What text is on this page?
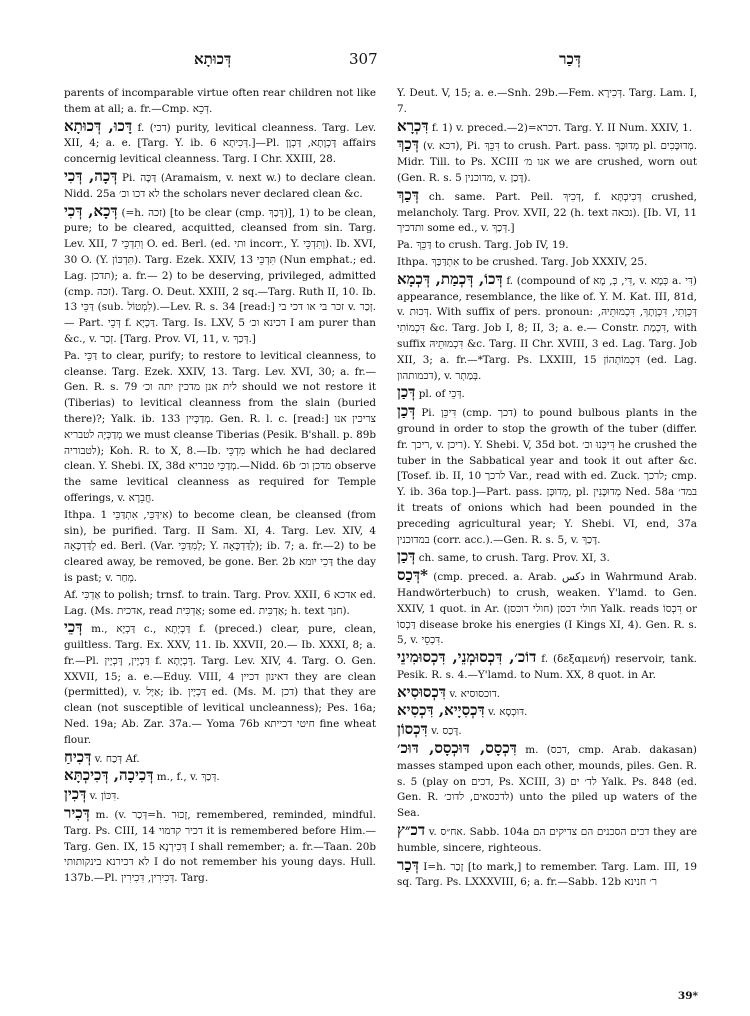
דְּכוּתָא	307	דְּכַר

parents of incomparable virtue often rear children not like them at all; a. fr.—Cmp. דְּכֵא.

דָּכוּ, דְּכוּתָא f. (דכי) purity, levitical cleanness. Targ. Lev. XII, 4; a. e. [Targ. Y. ib. 6 דְּכִיתָא.]—Pl. דָּכְוָתָא, דַּכְוָן affairs concernig levitical cleanness. Targ. I Chr. XXIII, 28.

דְּכָה, דְּכִי Pi. דַּכָּה (Aramaism, v. next w.) to declare clean. Nidd. 25a לא דכו וכ׳ the scholars never declared clean &c.

דְּכָא, דְּכִי (=h. זכה) [to be clear (cmp. דָּכַךְ)], 1) to be clean, pure; to be cleared, acquitted, cleansed from sin. Targ. Lev. XII, 7 וְתִדְכֵּי O. ed. Berl. (ed. ותי incorr., Y. וְתִדְכֵּי). Ib. XVI, 30 O. (Y. תִּדְכּוֹן). Targ. Ezek. XXIV, 13 תִּדְכֵּי (Nun emphat.; ed. Lag. תדכן); a. fr.— 2) to be deserving, privileged, admitted (cmp. זכה). Targ. O. Deut. XXIII, 2 sq.—Targ. Ruth II, 10. Ib. 13 דַּכֵּי (sub. לִמְטוֹל).—Lev. R. s. 34 [read:] זכר בי או דכי בי v. זְכַר. — Part. דְּכֵי f. דַּכְיָא. Targ. Is. LXV, 5 דכינא וכ׳ I am purer than &c., v. זְכַר. [Targ. Prov. VI, 11, v. דְּכַךְ.]

Pa. דַּכֵּי to clear, purify; to restore to levitical cleanness, to cleanse. Targ. Ezek. XXIV, 13. Targ. Lev. XVI, 30; a. fr.—Gen. R. s. 79 לית אנן מדכין יתה וכ׳ should we not restore it (Tiberias) to levitical cleanness from the slain (buried there)?; Yalk. ib. 133 מְדַכְּיִין. Gen. R. l. c. [read:] צריכין אנו מְדַכְּיָה לטבריא we must cleanse Tiberias (Pesik. B'shall. p. 89b לטבוריה); Koh. R. to X, 8.—Ib. מִדְכֵּי which he had declared clean. Y. Shebi. IX, 38d מְדַכֵּי טבריא.—Nidd. 6b מדכן וכ׳ observe the same levitical cleanness as required for Temple offerings, v. חֲבֵרָא.

Ithpa. אִידַּכֵּי, אִתְדַּכֵּי 1) to become clean, be cleansed (from sin), be purified. Targ. II Sam. XI, 4. Targ. Lev. XIV, 4 לְדַּדְכָּאָה ed. Berl. (Var. לְמִדַּכֵּי; Y. לְדַּדְכָּאָה); ib. 7; a. fr.—2) to be cleared away, be removed, be gone. Ber. 2b דַּכִי יומא the day is past; v. מְחַר.

Af. אַדְכִּי to polish; trnsf. to train. Targ. Prov. XXII, 6 אדכא ed. Lag. (Ms. אדכית, read אַדְכִּית; some ed. אַדְכִּית; h. text חנך).

דְּכֵי m., דַּכְיָא c., דַּכְיְתָא f. (preced.) clear, pure, clean, guiltless. Targ. Ex. XXV, 11. Ib. XXVII, 20.— Ib. XXXI, 8; a. fr.—Pl. דַּכְיָין, דָּכְיָין f. דָּכְיָתָא. Targ. Lev. XIV, 4. Targ. O. Gen. XXVII, 15; a. e.—Eduy. VIII, 4 דאינון דכיין they are clean (permitted), v. אַיָּל; ib. דַּכְיָין ed. (Ms. M. דכן) that they are clean (not susceptible of levitical uncleanness); Pes. 16a; Ned. 19a; Ab. Zar. 37a.— Yoma 76b חיטי דכייתא fine wheat flour.

דְּכִיחַ v. דְּכַח Af.

דְּכִיכָה, דְּכִיכְתָּא m., f., v. דְּכַךְ.

דְּכִין v. דִּכּוֹן.

דְּכִיר m. (v. דְּכַר=h. זָכוּר, remembered, reminded, mindful. Targ. Ps. CIII, 14 דכיר קדמוי it is remembered before Him.—Targ. Gen. IX, 15 דְּכִירְנָא I shall remember; a. fr.—Taan. 20b לא דכירנא בינקותותי I do not remember his young days. Hull. 137b.—Pl. דְּכִירִין, דִּכִירִין. Targ.

Y. Deut. V, 15; a. e.—Snh. 29b.—Fem. דְּכִירָא. Targ. Lam. I, 7.

דִּכְרָא f. 1) v. preced.—2)=דכרא. Targ. Y. II Num. XXIV, 1.

דְּכַךְ (v. דכא), Pi. דִּכֵּךְ to crush. Part. pass. מְדוּכָּךְ pl. מְדוּכָּכִים. Midr. Till. to Ps. XCIII אנו מ׳ we are crushed, worn out (Gen. R. s. 5 מדוכנין, v. דָּכַן).

דְּכַךְ ch. same. Part. Peil. דְּכִיךְ, f. דְּכִיכְתָּא crushed, melancholy. Targ. Prov. XVII, 22 (h. text נכאה). [Ib. VI, 11 ותדכיך some ed., v. דְּכַךְ.]

Pa. דַּכֵּךְ to crush. Targ. Job IV, 19.

Ithpa. אִתְדַּכַּךְ to be crushed. Targ. Job XXXIV, 25.

דְּכוֹ, דְּכְמַת, דְּכְמָא f. (compound of דִּי, כְּ, מָא, v. כְּמָא a. דִּי) appearance, resemblance, the like of. Y. M. Kat. III, 81d, v. דְּכוּת. With suffix of pers. pronoun: דְּכְוָתִי, דִּכְוָתָךְ, דִּכְמוּתֵיהּ, דִּכְמוֹתִי &c. Targ. Job I, 8; II, 3; a. e.— Constr. דִּכְמַת, with suffix דִּכְמוּתֵיהּ &c. Targ. II Chr. XVIII, 3 ed. Lag. Targ. Job XII, 3; a. fr.—*Targ. Ps. LXXIII, 15 דִּכְמוֹתְהוֹן (ed. Lag. דכמותהון), v. בְּמַתְר.

דְּכַן pl. of דְּכֵי.

דְּכַן Pi. דִּיכֵּן (cmp. דכך) to pound bulbous plants in the ground in order to stop the growth of the tuber (differ. fr. ריכך, v. ריכן). Y. Shebi. V, 35d bot. דִּיכְּנוּ וכ׳ he crushed the tuber in the Sabbatical year and took it out after &c. [Tosef. ib. II, 10 לרכך Var., read with ed. Zuck. לרכך; cmp. Y. ib. 36a top.]—Part. pass. מְדוּכָּן, pl. מְדוּכָּנִין Ned. 58a במד׳ it treats of onions which had been pounded in the preceding agricultural year; Y. Shebi. VI, end, 37a במדוכנין (corr. acc.).—Gen. R. s. 5, v. דָּכַךְ.

דְּכַן ch. same, to crush. Targ. Prov. XI, 3.

*דְּכַס (cmp. preced. a. Arab. دكس in Wahrmund Arab. Handwörterbuch) to crush, weaken. Y'lamd. to Gen. XXIV, 1 quot. in Ar. (חולי דוכסן) חולי דכסן Yalk. reads דִּכְסוֹ or דַּכְסוֹ disease broke his energies (I Kings XI, 4). Gen. R. s. 5, v. דִּכְסֵי.

דוֹכ׳, דִּכְסוּמְנֵי, דִּכְסוּמִינֵי f. (δεξαμενή) reservoir, tank. Pesik. R. s. 4.—Y'lamd. to Num. XX, 8 quot. in Ar.

דִּכְסוּסִיא v. דוכסוסיא.

דִּכְסִיָיא, דִּכְסִיא v. דּוּכְסָא.

דִּכְסוֹן v. דָּכַס.

דִּכְסָס, דּוּכְסָס, דּוּכ׳ m. (דכס, cmp. Arab. dakasan) masses stamped upon each other, mounds, piles. Gen. R. s. 5 (play on דכים, Ps. XCIII, 3) לד׳ ים Yalk. Ps. 848 (ed. Gen. R. לדכסאים, לדוכ׳) unto the piled up waters of the Sea.

דכ״ץ v. אח״ס. Sabb. 104a דכים הסכנים הם צדיקים הם they are humble, sincere, righteous.

דְּכַר I=h. זָכַר [to mark,] to remember. Targ. Lam. III, 19 sq. Targ. Ps. LXXXVIII, 6; a. fr.—Sabb. 12b ר׳ חנינא

39*
